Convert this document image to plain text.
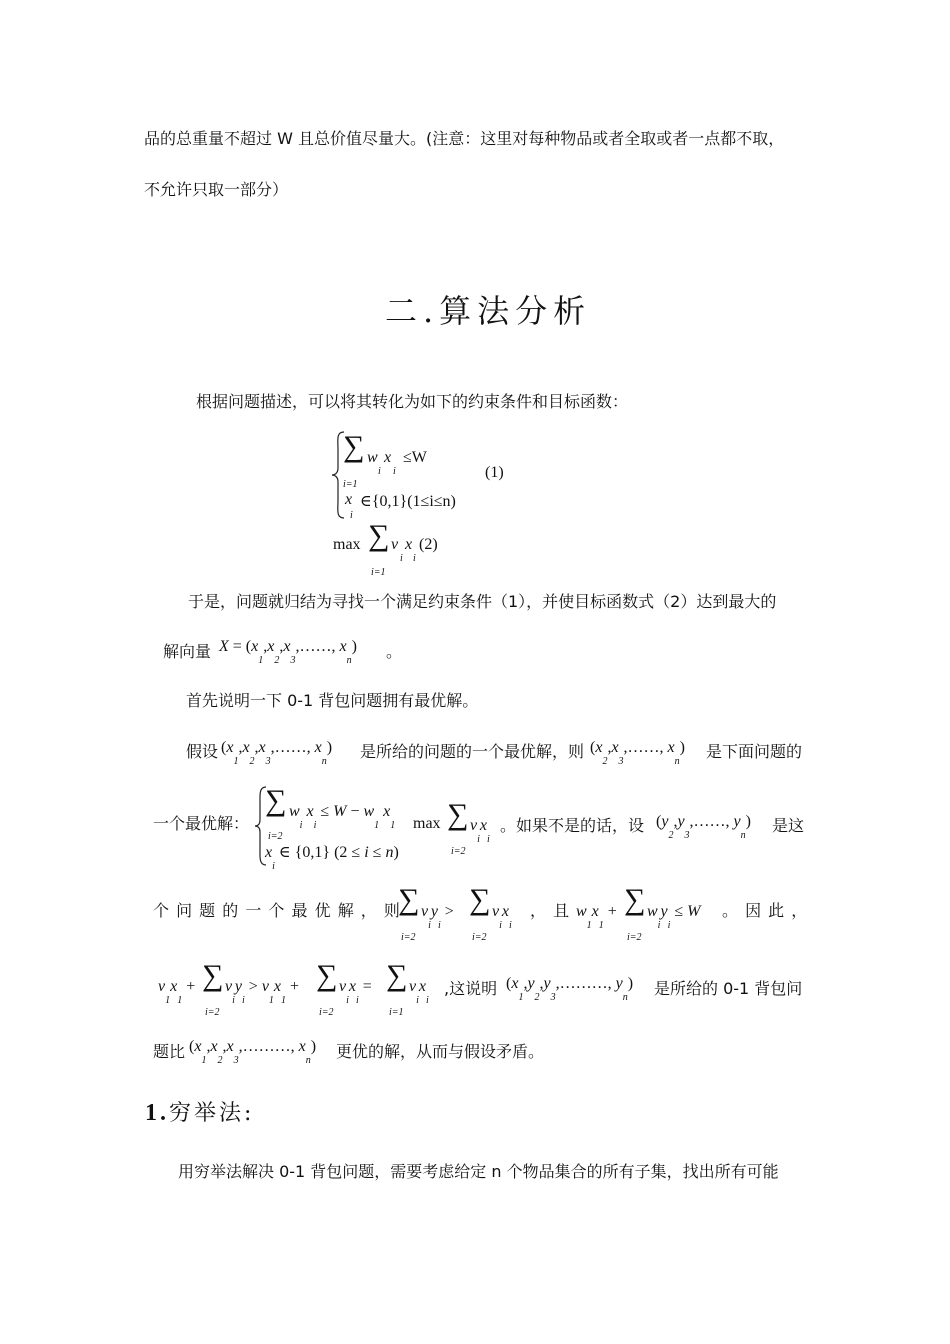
品的总重量不超过 W 且总价值尽量大。(注意：这里对每种物品或者全取或者一点都不取，
不允许只取一部分）
二.算法分析
根据问题描述，可以将其转化为如下的约束条件和目标函数：
∑ w
i
x
i
≤W
(1)
i=1
x
i
∈{0,1}(1≤i≤n)
max ∑ v
i
x
i
(2)
i=1
于是，问题就归结为寻找一个满足约束条件（1），并使目标函数式（2）达到最大的
解向量 $X = (x_1,x_2,x_3,\dots\dots$, $x_n$) 。
首先说明一下 0-1 背包问题拥有最优解。
假设 ($x_1,x_2,x_3,\dots\dots$, $x_n$) 是所给的问题的一个最优解，则 ($x_2,x_3,\dots\dots$, $x_n$) 是下面问题的
一个最优解：
∑ $w_i$ $x_i \le W - w_1$ $x_1$
i=2
$x_i$ ∈ {0,1} (2 ≤ i ≤ n)
max ∑ $v_ix_i$
i=2
。如果不是的话，设 ($y_2,y_3,\dots\dots$, $y_n$) 是这
个 问 题 的 一 个 最 优 解 ， 则
∑ $v_iy_i$ > ∑ $v_ix_i$
i=2	i=2
， 且 $w_1x_1$ + ∑ $w_iy_i \le W$
i=2
。 因 此 ，
$v_1x_1$ + ∑ $v_iy_i > v_1x_1$ + ∑ $v_ix_i$ = ∑ $v_ix_i$
i=2	i=2	i=1
,这说明 ($x_1,y_2,y_3,\dots\dots\dots$, $y_n$) 是所给的 0-1 背包问
题比 ($x_1,x_2,x_3,\dots\dots\dots$, $x_n$) 更优的解，从而与假设矛盾。
1.穷举法:
用穷举法解决 0-1 背包问题，需要考虑给定 n 个物品集合的所有子集，找出所有可能
